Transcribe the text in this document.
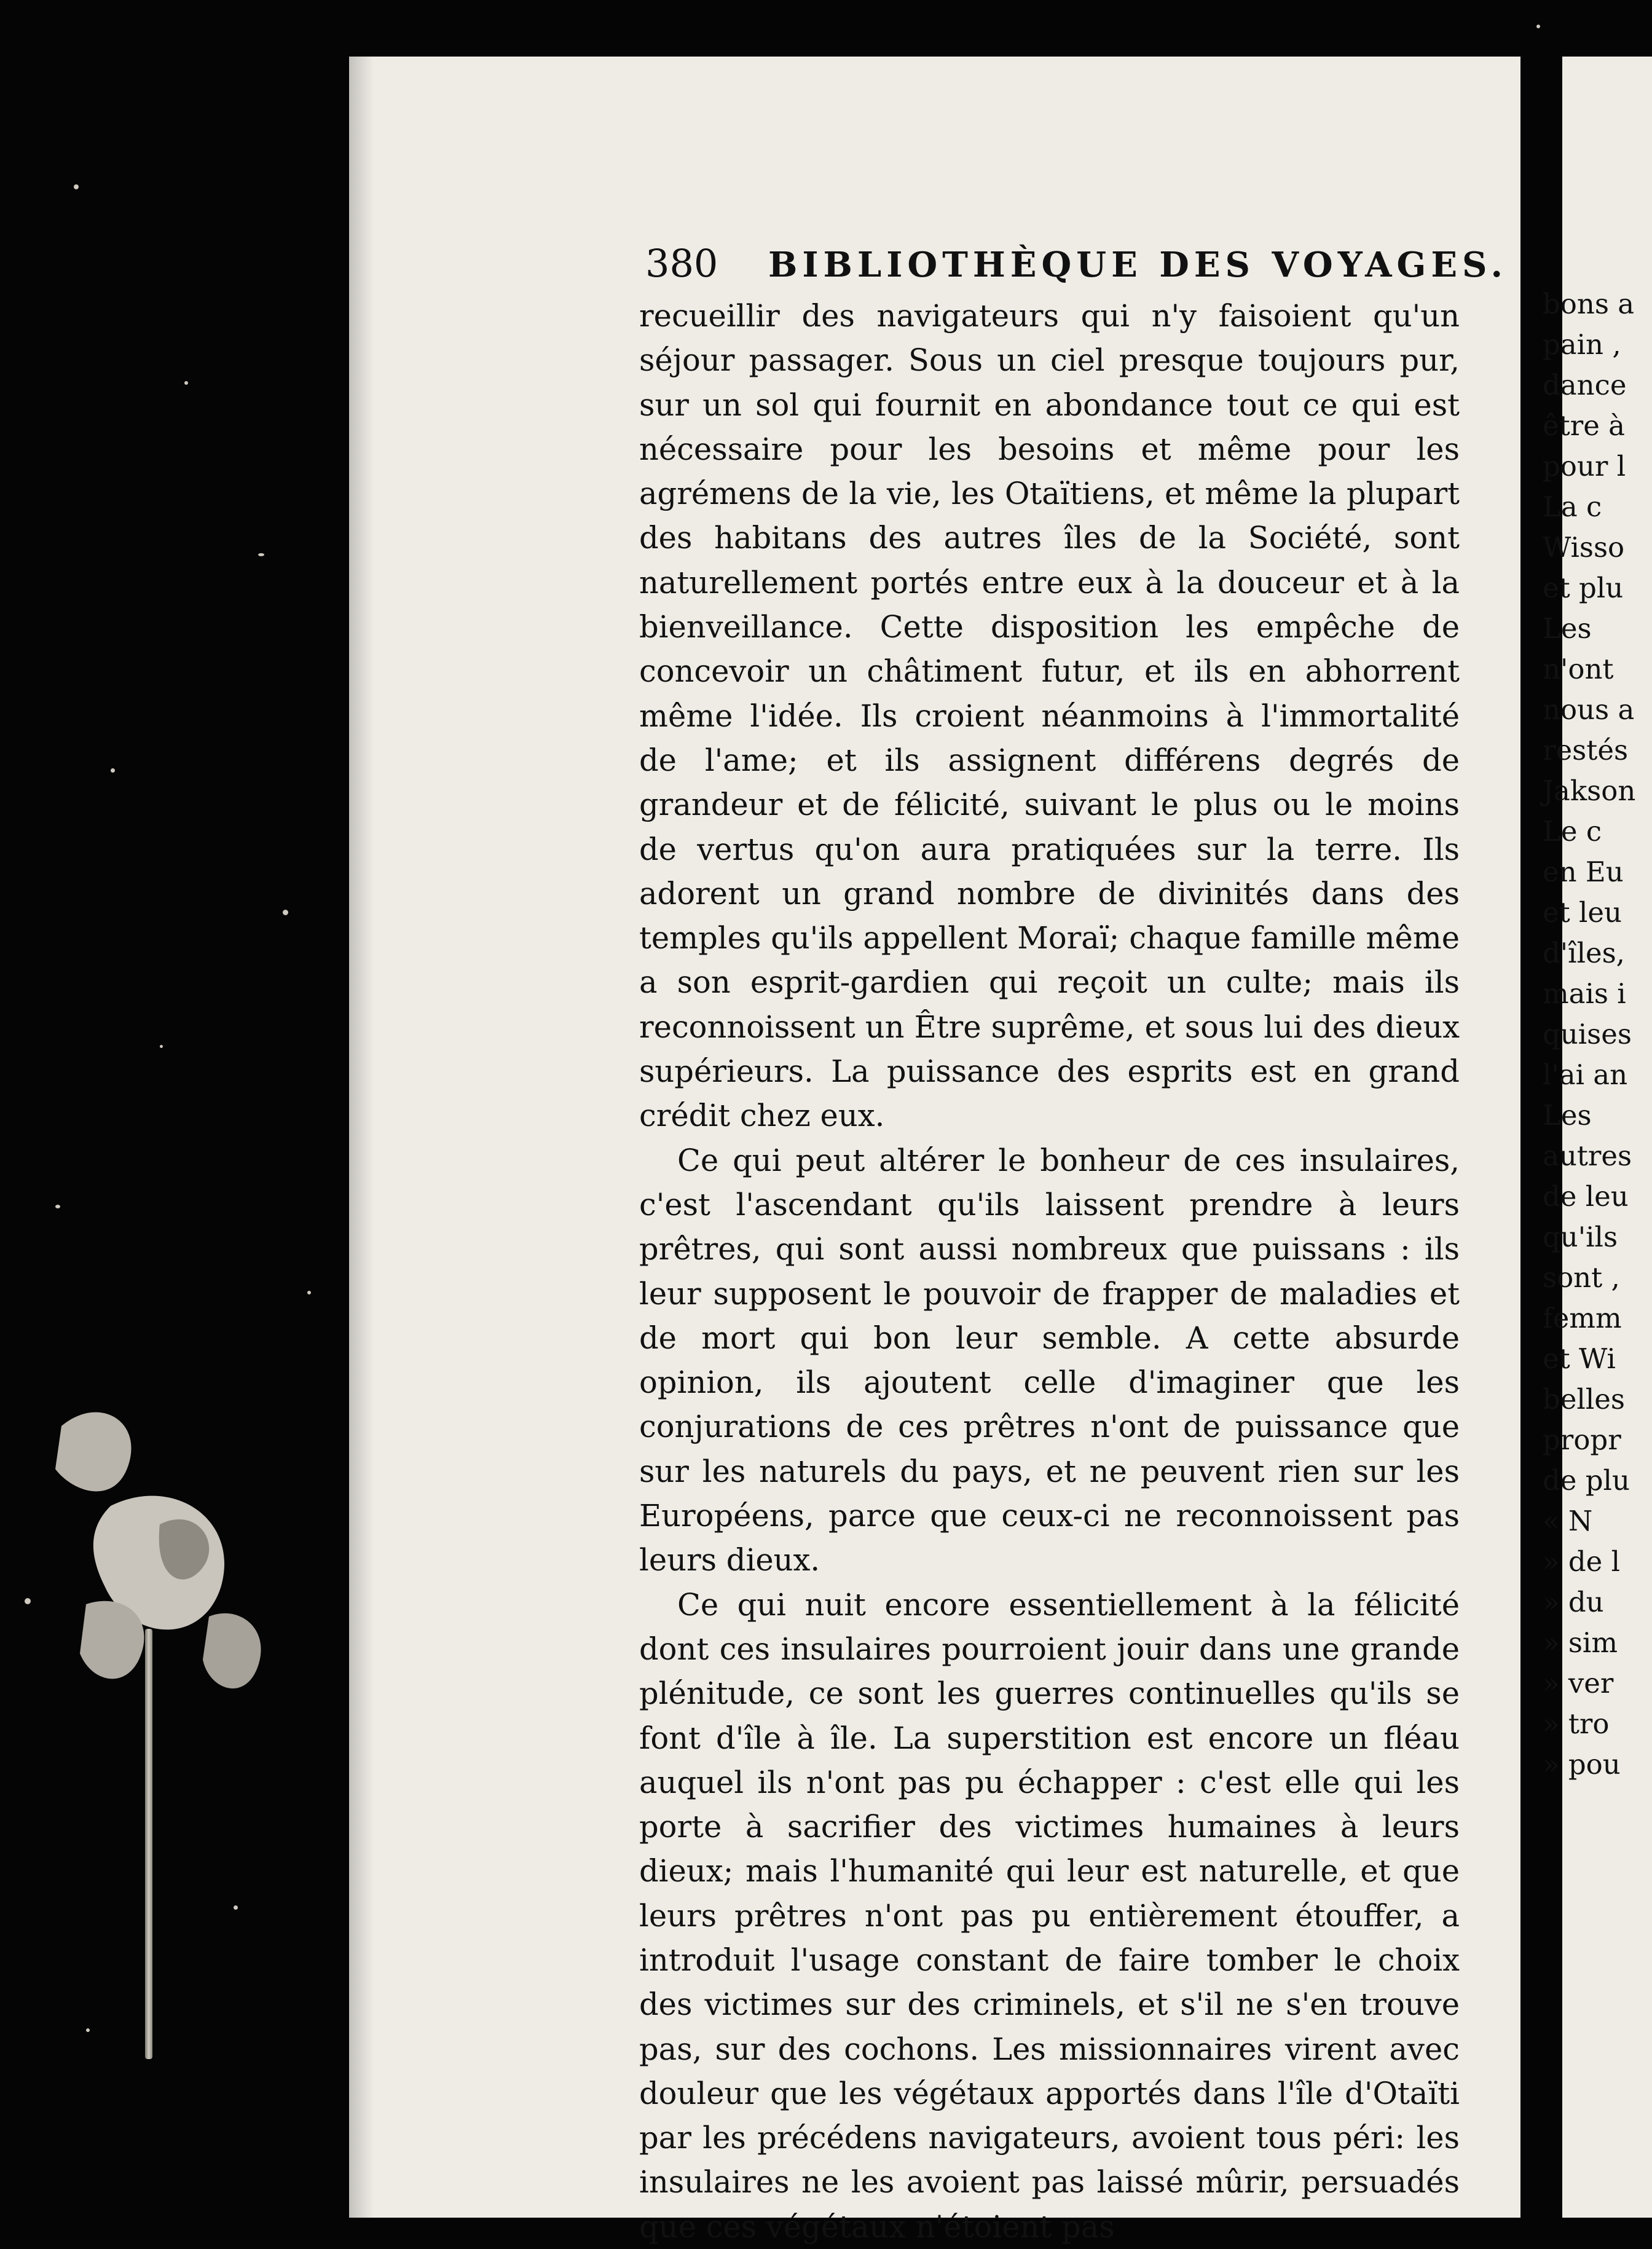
380 BIBLIOTHÈQUE DES VOYAGES.

recueillir des navigateurs qui n'y faisoient qu'un séjour passager. Sous un ciel presque toujours pur, sur un sol qui fournit en abondance tout ce qui est nécessaire pour les besoins et même pour les agrémens de la vie, les Otaïtiens, et même la plupart des habitans des autres îles de la Société, sont naturellement portés entre eux à la douceur et à la bienveillance. Cette disposition les empêche de concevoir un châtiment futur, et ils en abhorrent même l'idée. Ils croient néanmoins à l'immortalité de l'ame; et ils assignent différens degrés de grandeur et de félicité, suivant le plus ou le moins de vertus qu'on aura pratiquées sur la terre. Ils adorent un grand nombre de divinités dans des temples qu'ils appellent Moraï; chaque famille même a son esprit-gardien qui reçoit un culte; mais ils reconnoissent un Être suprême, et sous lui des dieux supérieurs. La puissance des esprits est en grand crédit chez eux.

Ce qui peut altérer le bonheur de ces insulaires, c'est l'ascendant qu'ils laissent prendre à leurs prêtres, qui sont aussi nombreux que puissans : ils leur supposent le pouvoir de frapper de maladies et de mort qui bon leur semble. A cette absurde opinion, ils ajoutent celle d'imaginer que les conjurations de ces prêtres n'ont de puissance que sur les naturels du pays, et ne peuvent rien sur les Européens, parce que ceux-ci ne reconnoissent pas leurs dieux.

Ce qui nuit encore essentiellement à la félicité dont ces insulaires pourroient jouir dans une grande plénitude, ce sont les guerres continuelles qu'ils se font d'île à île. La superstition est encore un fléau auquel ils n'ont pas pu échapper : c'est elle qui les porte à sacrifier des victimes humaines à leurs dieux; mais l'humanité qui leur est naturelle, et que leurs prêtres n'ont pas pu entièrement étouffer, a introduit l'usage constant de faire tomber le choix des victimes sur des criminels, et s'il ne s'en trouve pas, sur des cochons. Les missionnaires virent avec douleur que les végétaux apportés dans l'île d'Otaïti par les précédens navigateurs, avoient tous péri: les insulaires ne les avoient pas laissé mûrir, persuadés que ces végétaux n'étoient pas

bons a
pain ,
dance
être à
pour l
La c
Wisso
et plu
Les
n'ont
nous a
restés
Jakson
Le c
en Eu
et leu
d'îles,
mais i
quises
l'ai an
Les
autres
de leu
qu'ils
sont ,
femm
et Wi
belles
propr
de plu
« N
» de l
» du
» sim
» ver
» tro
» pou
